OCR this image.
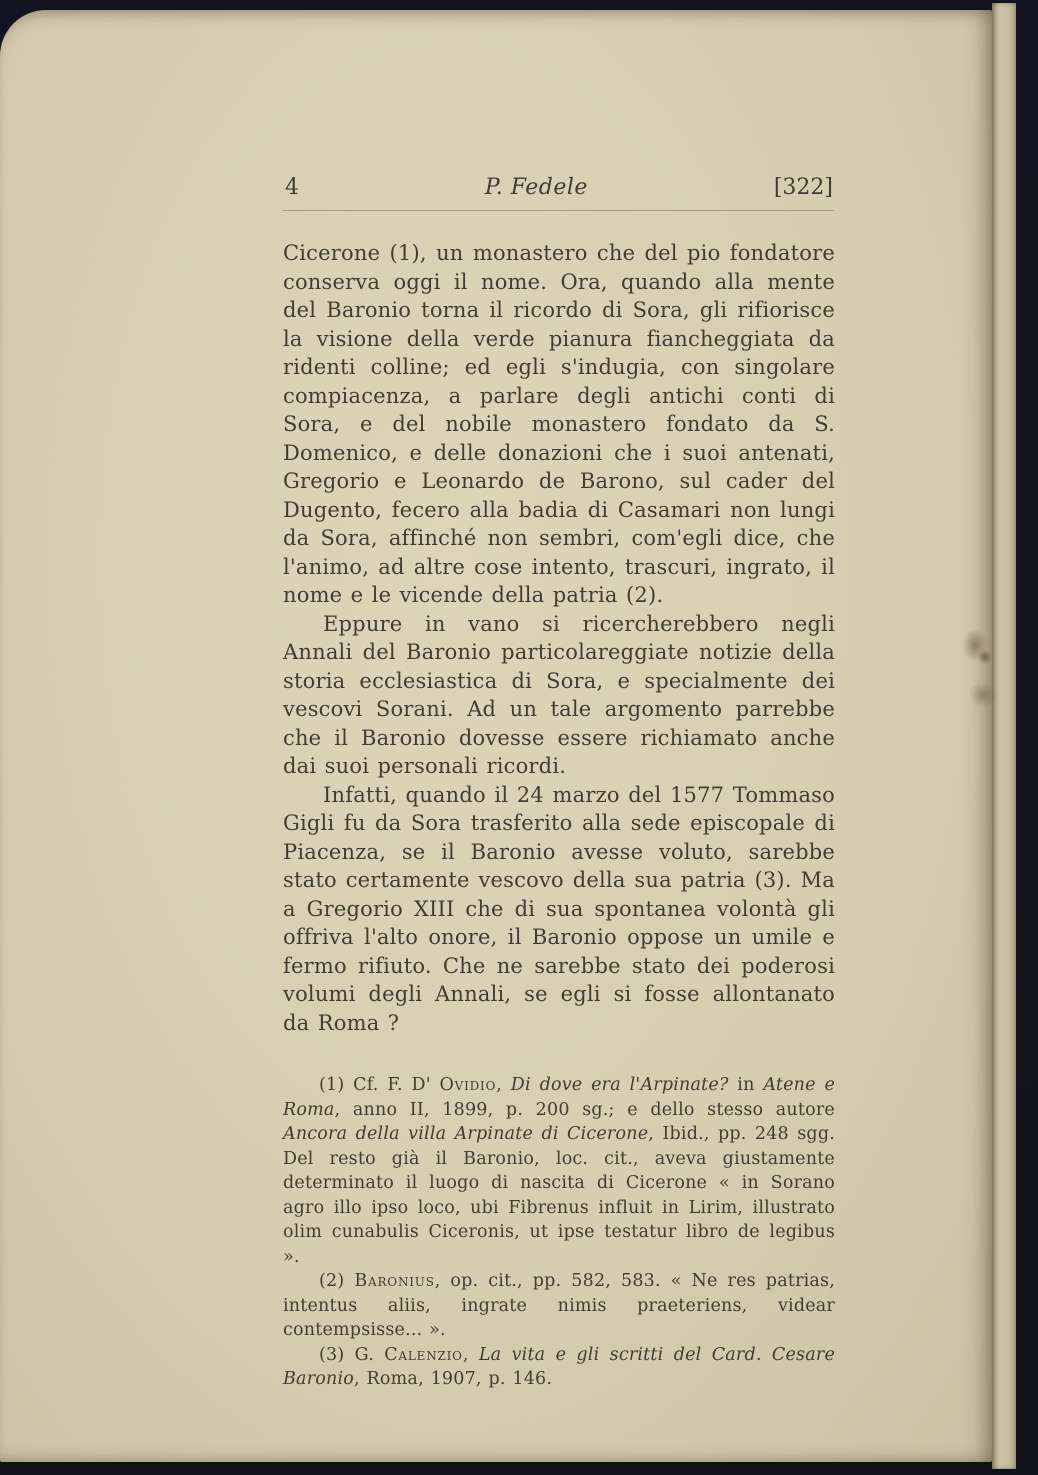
4	P. Fedele	[322]

Cicerone (1), un monastero che del pio fondatore conserva oggi il nome. Ora, quando alla mente del Baronio torna il ricordo di Sora, gli rifiorisce la visione della verde pianura fiancheggiata da ridenti colline; ed egli s'indugia, con singolare compiacenza, a parlare degli antichi conti di Sora, e del nobile monastero fondato da S. Domenico, e delle donazioni che i suoi antenati, Gregorio e Leonardo de Barono, sul cader del Dugento, fecero alla badia di Casamari non lungi da Sora, affinché non sembri, com'egli dice, che l'animo, ad altre cose intento, trascuri, ingrato, il nome e le vicende della patria (2).

Eppure in vano si ricercherebbero negli Annali del Baronio particolareggiate notizie della storia ecclesiastica di Sora, e specialmente dei vescovi Sorani. Ad un tale argomento parrebbe che il Baronio dovesse essere richiamato anche dai suoi personali ricordi.

Infatti, quando il 24 marzo del 1577 Tommaso Gigli fu da Sora trasferito alla sede episcopale di Piacenza, se il Baronio avesse voluto, sarebbe stato certamente vescovo della sua patria (3). Ma a Gregorio XIII che di sua spontanea volontà gli offriva l'alto onore, il Baronio oppose un umile e fermo rifiuto. Che ne sarebbe stato dei poderosi volumi degli Annali, se egli si fosse allontanato da Roma ?

(1) Cf. F. D' Ovidio, Di dove era l'Arpinate? in Atene e Roma, anno II, 1899, p. 200 sg.; e dello stesso autore Ancora della villa Arpinate di Cicerone, Ibid., pp. 248 sgg. Del resto già il Baronio, loc. cit., aveva giustamente determinato il luogo di nascita di Cicerone « in Sorano agro illo ipso loco, ubi Fibrenus influit in Lirim, illustrato olim cunabulis Ciceronis, ut ipse testatur libro de legibus ».

(2) Baronius, op. cit., pp. 582, 583. « Ne res patrias, intentus aliis, ingrate nimis praeteriens, videar contempsisse... ».

(3) G. Calenzio, La vita e gli scritti del Card. Cesare Baronio, Roma, 1907, p. 146.
